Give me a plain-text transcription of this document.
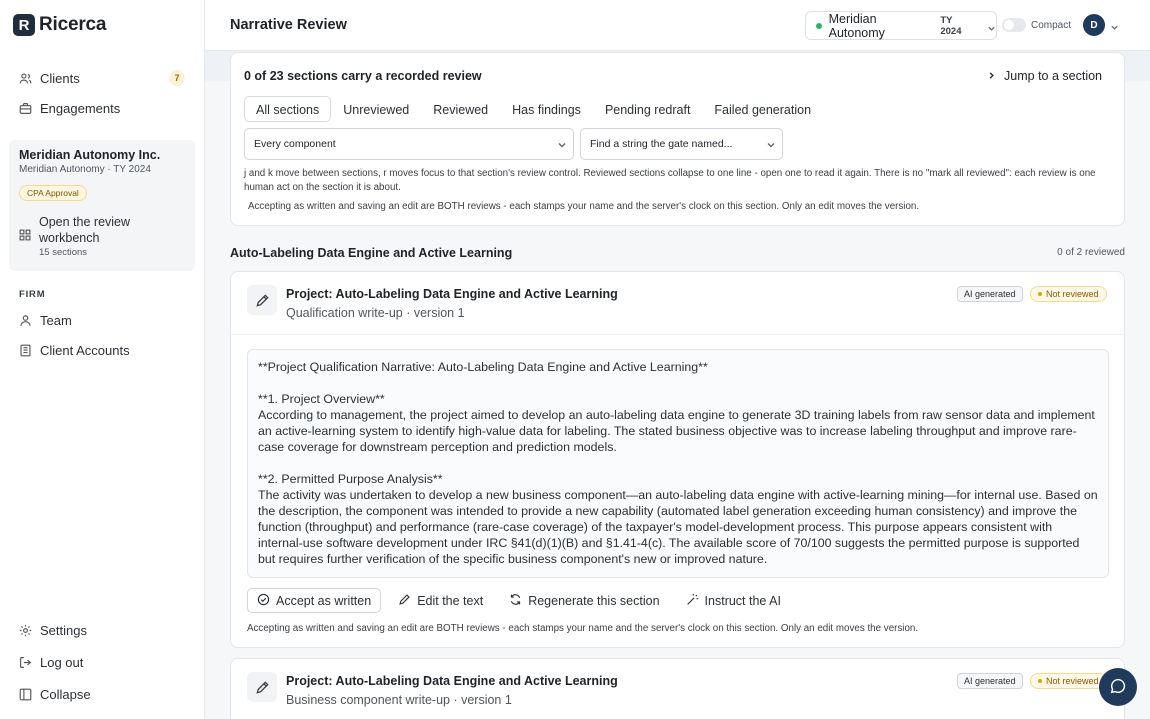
R Ricerca
Clients	7
Engagements
Meridian Autonomy Inc.
Meridian Autonomy · TY 2024
CPA Approval
Open the review workbench
15 sections
FIRM
Team
Client Accounts
Settings
Log out
Collapse
Narrative Review	Meridian Autonomy
TY 2024	Compact	D
0 of 23 sections carry a recorded review	Jump to a section
All sections	Unreviewed	Reviewed	Has findings	Pending redraft	Failed generation
Every component	Find a string the gate named...
j and k move between sections, r moves focus to that section's review control. Reviewed sections collapse to one line - open one to read it again. There is no "mark all reviewed": each review is one human act on the section it is about.
Accepting as written and saving an edit are BOTH reviews - each stamps your name and the server's clock on this section. Only an edit moves the version.
Auto-Labeling Data Engine and Active Learning	0 of 2 reviewed
Project: Auto-Labeling Data Engine and Active Learning
Qualification write-up · version 1
AI generated	Not reviewed
**Project Qualification Narrative: Auto-Labeling Data Engine and Active Learning**

**1. Project Overview**
According to management, the project aimed to develop an auto-labeling data engine to generate 3D training labels from raw sensor data and implement an active-learning system to identify high-value data for labeling. The stated business objective was to increase labeling throughput and improve rare-case coverage for downstream perception and prediction models.

**2. Permitted Purpose Analysis**
The activity was undertaken to develop a new business component—an auto-labeling data engine with active-learning mining—for internal use. Based on the description, the component was intended to provide a new capability (automated label generation exceeding human consistency) and improve the function (throughput) and performance (rare-case coverage) of the taxpayer's model-development process. This purpose appears consistent with internal-use software development under IRC §41(d)(1)(B) and §1.41-4(c). The available score of 70/100 suggests the permitted purpose is supported but requires further verification of the specific business component's new or improved nature.
Accept as written	Edit the text	Regenerate this section	Instruct the AI
Accepting as written and saving an edit are BOTH reviews - each stamps your name and the server's clock on this section. Only an edit moves the version.
Project: Auto-Labeling Data Engine and Active Learning
Business component write-up · version 1
AI generated	Not reviewed
